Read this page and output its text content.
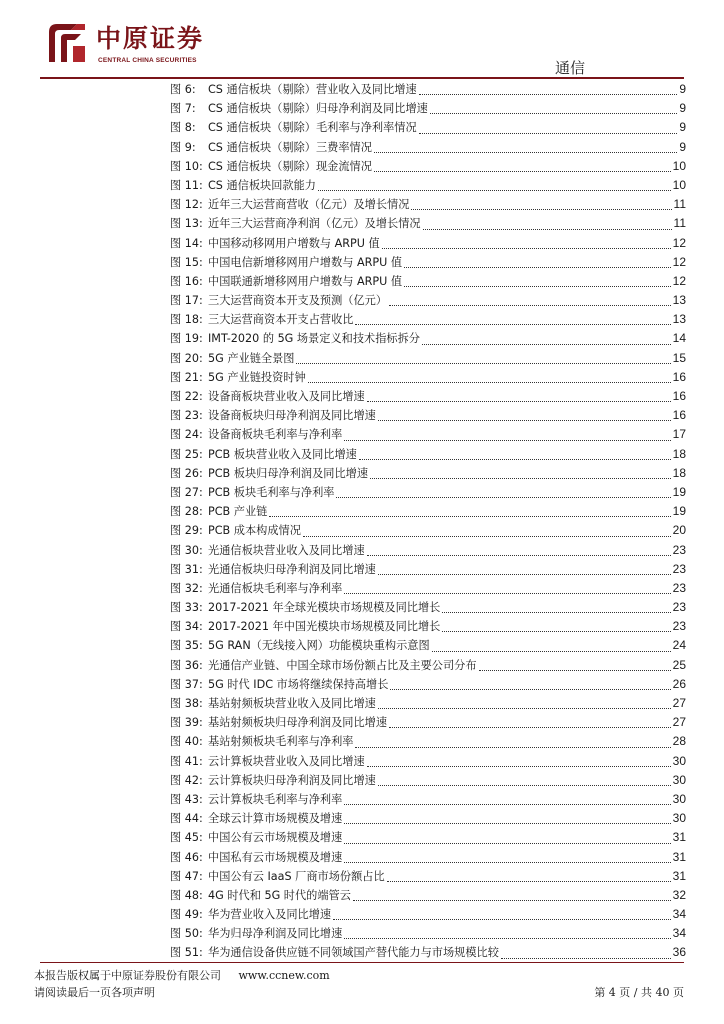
中原证券
CENTRAL CHINA SECURITIES	通信
图 6: CS 通信板块（剔除）营业收入及同比增速	9
图 7: CS 通信板块（剔除）归母净利润及同比增速	9
图 8: CS 通信板块（剔除）毛利率与净利率情况	9
图 9: CS 通信板块（剔除）三费率情况	9
图 10: CS 通信板块（剔除）现金流情况	10
图 11: CS 通信板块回款能力	10
图 12: 近年三大运营商营收（亿元）及增长情况	11
图 13: 近年三大运营商净利润（亿元）及增长情况	11
图 14: 中国移动移网用户增数与 ARPU 值	12
图 15: 中国电信新增移网用户增数与 ARPU 值	12
图 16: 中国联通新增移网用户增数与 ARPU 值	12
图 17: 三大运营商资本开支及预测（亿元）	13
图 18: 三大运营商资本开支占营收比	13
图 19: IMT-2020 的 5G 场景定义和技术指标拆分	14
图 20: 5G 产业链全景图	15
图 21: 5G 产业链投资时钟	16
图 22: 设备商板块营业收入及同比增速	16
图 23: 设备商板块归母净利润及同比增速	16
图 24: 设备商板块毛利率与净利率	17
图 25: PCB 板块营业收入及同比增速	18
图 26: PCB 板块归母净利润及同比增速	18
图 27: PCB 板块毛利率与净利率	19
图 28: PCB 产业链	19
图 29: PCB 成本构成情况	20
图 30: 光通信板块营业收入及同比增速	23
图 31: 光通信板块归母净利润及同比增速	23
图 32: 光通信板块毛利率与净利率	23
图 33: 2017-2021 年全球光模块市场规模及同比增长	23
图 34: 2017-2021 年中国光模块市场规模及同比增长	23
图 35: 5G RAN（无线接入网）功能模块重构示意图	24
图 36: 光通信产业链、中国全球市场份额占比及主要公司分布	25
图 37: 5G 时代 IDC 市场将继续保持高增长	26
图 38: 基站射频板块营业收入及同比增速	27
图 39: 基站射频板块归母净利润及同比增速	27
图 40: 基站射频板块毛利率与净利率	28
图 41: 云计算板块营业收入及同比增速	30
图 42: 云计算板块归母净利润及同比增速	30
图 43: 云计算板块毛利率与净利率	30
图 44: 全球云计算市场规模及增速	30
图 45: 中国公有云市场规模及增速	31
图 46: 中国私有云市场规模及增速	31
图 47: 中国公有云 IaaS 厂商市场份额占比	31
图 48: 4G 时代和 5G 时代的端管云	32
图 49: 华为营业收入及同比增速	34
图 50: 华为归母净利润及同比增速	34
图 51: 华为通信设备供应链不同领域国产替代能力与市场规模比较	36
本报告版权属于中原证券股份有限公司 www.ccnew.com
请阅读最后一页各项声明	第 4 页 / 共 40 页
